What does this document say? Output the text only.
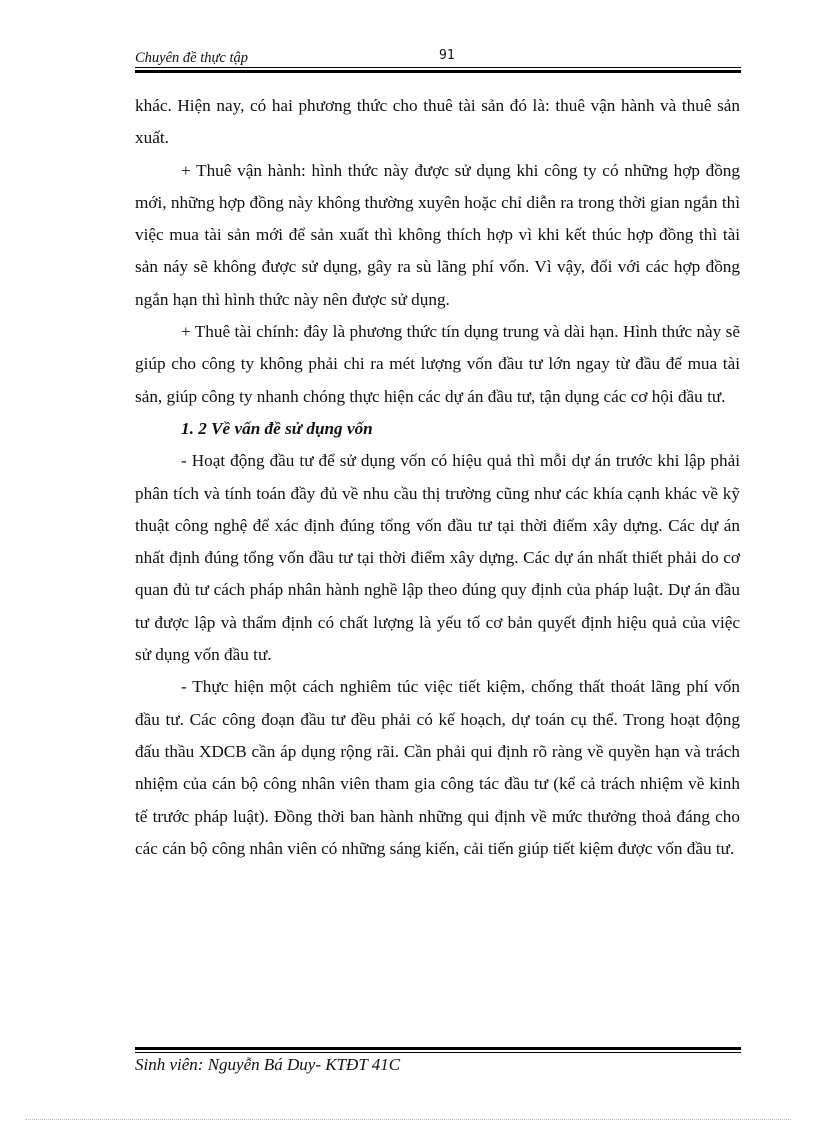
Chuyên đề thực tập	91

khác. Hiện nay, có hai phương thức cho thuê tài sản đó là: thuê vận hành và thuê sản xuất.

+ Thuê vận hành: hình thức này được sử dụng khi công ty có những hợp đồng mới, những hợp đồng này không thường xuyên hoặc chỉ diễn ra trong thời gian ngắn thì việc mua tài sản mới để sản xuất thì không thích hợp vì khi kết thúc hợp đồng thì tài sản náy sẽ không được sử dụng, gây ra sù lãng phí vốn. Vì vậy, đối với các hợp đồng ngắn hạn thì hình thức này nên được sử dụng.

+ Thuê tài chính: đây là phương thức tín dụng trung và dài hạn. Hình thức này sẽ giúp cho công ty không phải chi ra mét lượng vốn đầu tư lớn ngay từ đầu để mua tài sản, giúp công ty nhanh chóng thực hiện các dự án đầu tư, tận dụng các cơ hội đầu tư.

1. 2 Về vấn đề sử dụng vốn

- Hoạt động đầu tư để sử dụng vốn có hiệu quả thì mỗi dự án trước khi lập phải phân tích và tính toán đầy đủ về nhu cầu thị trường cũng như các khía cạnh khác về kỹ thuật công nghệ để xác định đúng tổng vốn đầu tư tại thời điểm xây dựng. Các dự án nhất định đúng tổng vốn đầu tư tại thời điểm xây dựng. Các dự án nhất thiết phải do cơ quan đủ tư cách pháp nhân hành nghề lập theo đúng quy định của pháp luật. Dự án đầu tư được lập và thẩm định có chất lượng là yếu tố cơ bản quyết định hiệu quả của việc sử dụng vốn đầu tư.

- Thực hiện một cách nghiêm túc việc tiết kiệm, chống thất thoát lãng phí vốn đầu tư. Các công đoạn đầu tư đều phải có kế hoạch, dự toán cụ thể. Trong hoạt động đấu thầu XDCB cần áp dụng rộng rãi. Cần phải qui định rõ ràng về quyền hạn và trách nhiệm của cán bộ công nhân viên tham gia công tác đầu tư (kể cả trách nhiệm về kinh tế trước pháp luật). Đồng thời ban hành những qui định về mức thưởng thoả đáng cho các cán bộ công nhân viên có những sáng kiến, cải tiến giúp tiết kiệm được vốn đầu tư.

Sinh viên: Nguyễn Bá Duy- KTĐT 41C
